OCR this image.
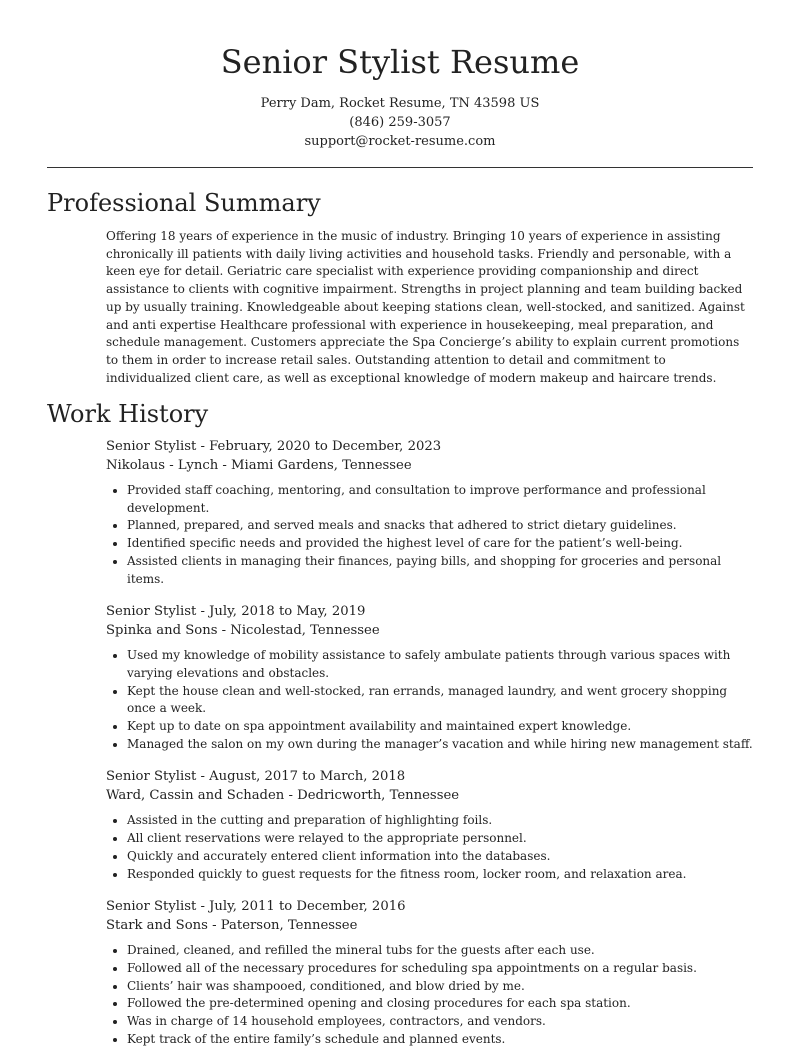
Senior Stylist Resume
Perry Dam, Rocket Resume, TN 43598 US
(846) 259-3057
support@rocket-resume.com
Professional Summary
Offering 18 years of experience in the music of industry. Bringing 10 years of experience in assisting chronically ill patients with daily living activities and household tasks. Friendly and personable, with a keen eye for detail. Geriatric care specialist with experience providing companionship and direct assistance to clients with cognitive impairment. Strengths in project planning and team building backed up by usually training. Knowledgeable about keeping stations clean, well-stocked, and sanitized. Against and anti expertise Healthcare professional with experience in housekeeping, meal preparation, and schedule management. Customers appreciate the Spa Concierge’s ability to explain current promotions to them in order to increase retail sales. Outstanding attention to detail and commitment to individualized client care, as well as exceptional knowledge of modern makeup and haircare trends.
Work History
Senior Stylist - February, 2020 to December, 2023
Nikolaus - Lynch - Miami Gardens, Tennessee
• Provided staff coaching, mentoring, and consultation to improve performance and professional development.
• Planned, prepared, and served meals and snacks that adhered to strict dietary guidelines.
• Identified specific needs and provided the highest level of care for the patient’s well-being.
• Assisted clients in managing their finances, paying bills, and shopping for groceries and personal items.
Senior Stylist - July, 2018 to May, 2019
Spinka and Sons - Nicolestad, Tennessee
• Used my knowledge of mobility assistance to safely ambulate patients through various spaces with varying elevations and obstacles.
• Kept the house clean and well-stocked, ran errands, managed laundry, and went grocery shopping once a week.
• Kept up to date on spa appointment availability and maintained expert knowledge.
• Managed the salon on my own during the manager’s vacation and while hiring new management staff.
Senior Stylist - August, 2017 to March, 2018
Ward, Cassin and Schaden - Dedricworth, Tennessee
• Assisted in the cutting and preparation of highlighting foils.
• All client reservations were relayed to the appropriate personnel.
• Quickly and accurately entered client information into the databases.
• Responded quickly to guest requests for the fitness room, locker room, and relaxation area.
Senior Stylist - July, 2011 to December, 2016
Stark and Sons - Paterson, Tennessee
• Drained, cleaned, and refilled the mineral tubs for the guests after each use.
• Followed all of the necessary procedures for scheduling spa appointments on a regular basis.
• Clients’ hair was shampooed, conditioned, and blow dried by me.
• Followed the pre-determined opening and closing procedures for each spa station.
• Was in charge of 14 household employees, contractors, and vendors.
• Kept track of the entire family’s schedule and planned events.
